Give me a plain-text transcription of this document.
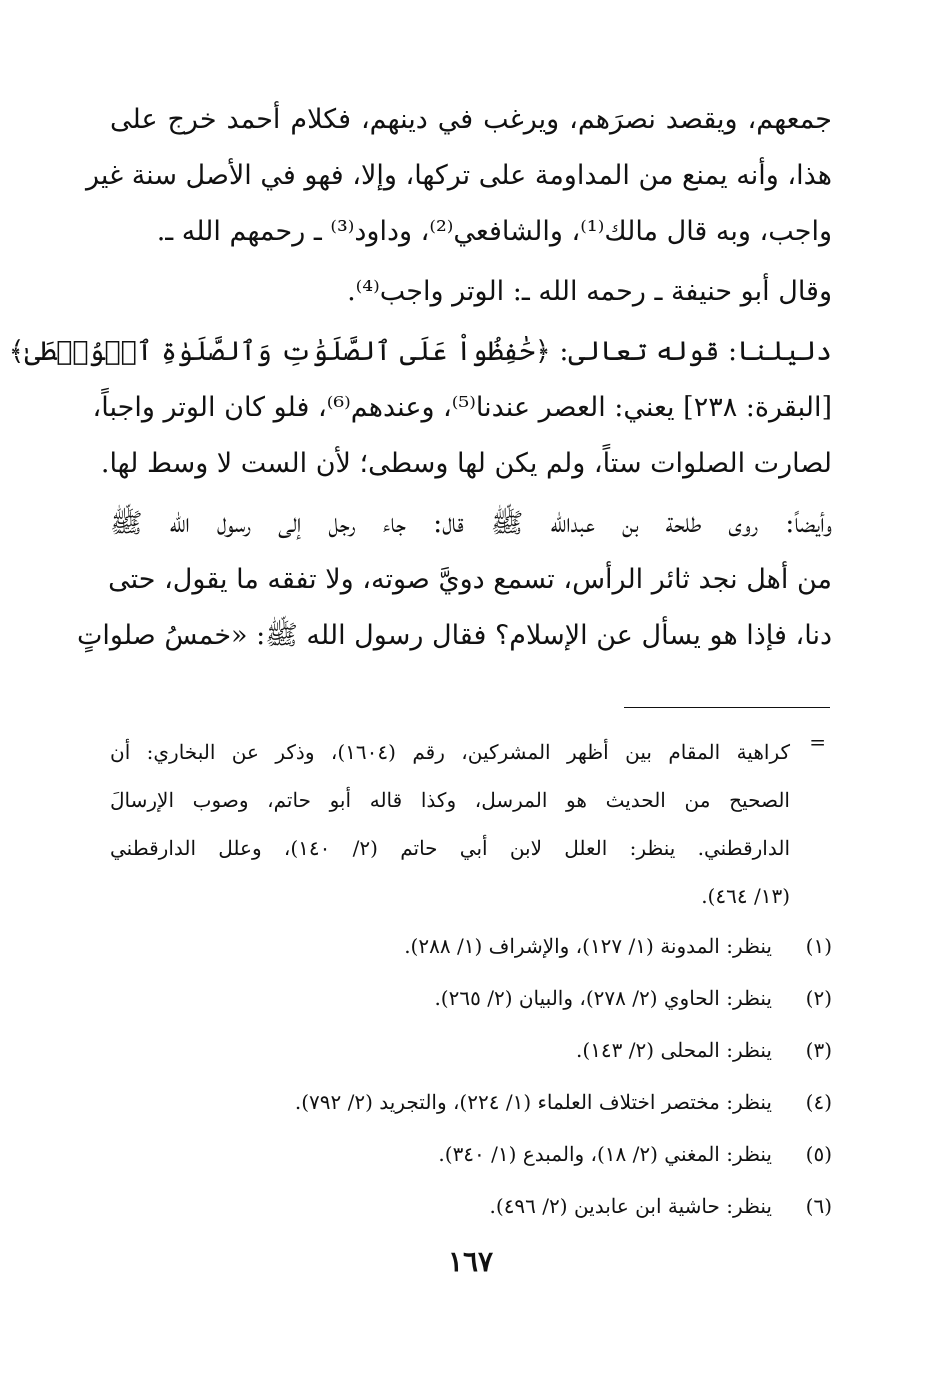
جمعهم، ويقصد نصرَهم، ويرغب في دينهم، فكلام أحمد خرج على
هذا، وأنه يمنع من المداومة على تركها، وإلا، فهو في الأصل سنة غير
واجب، وبه قال مالك⁽¹⁾، والشافعي⁽²⁾، وداود⁽³⁾ ـ رحمهم الله ـ.
وقال أبو حنيفة ـ رحمه الله ـ: الوتر واجب⁽⁴⁾.
دليلنا: قوله تعالى: ﴿حَٰفِظُواْ عَلَى ٱلصَّلَوَٰتِ وَٱلصَّلَوٰةِ ٱلۡوُسۡطَىٰ﴾
[البقرة: ٢٣٨] يعني: العصر عندنا⁽⁵⁾، وعندهم⁽⁶⁾، فلو كان الوتر واجباً،
لصارت الصلوات ستاً، ولم يكن لها وسطى؛ لأن الست لا وسط لها.
وأيضاً: روى طلحة بن عبدالله ﷺ قال: جاء رجل إلى رسول الله ﷺ
من أهل نجد ثائر الرأس، تسمع دويَّ صوته، ولا تفقه ما يقول، حتى
دنا، فإذا هو يسأل عن الإسلام؟ فقال رسول الله ﷺ: «خمسُ صلواتٍ
=
كراهية المقام بين أظهر المشركين، رقم (١٦٠٤)، وذكر عن البخاري: أن
الصحيح من الحديث هو المرسل، وكذا قاله أبو حاتم، وصوب الإرسالَ
الدارقطني. ينظر: العلل لابن أبي حاتم (٢/ ١٤٠)، وعلل الدارقطني
(١٣/ ٤٦٤).
(١)
ينظر: المدونة (١/ ١٢٧)، والإشراف (١/ ٢٨٨).
(٢)
ينظر: الحاوي (٢/ ٢٧٨)، والبيان (٢/ ٢٦٥).
(٣)
ينظر: المحلى (٢/ ١٤٣).
(٤)
ينظر: مختصر اختلاف العلماء (١/ ٢٢٤)، والتجريد (٢/ ٧٩٢).
(٥)
ينظر: المغني (٢/ ١٨)، والمبدع (١/ ٣٤٠).
(٦)
ينظر: حاشية ابن عابدين (٢/ ٤٩٦).
١٦٧
